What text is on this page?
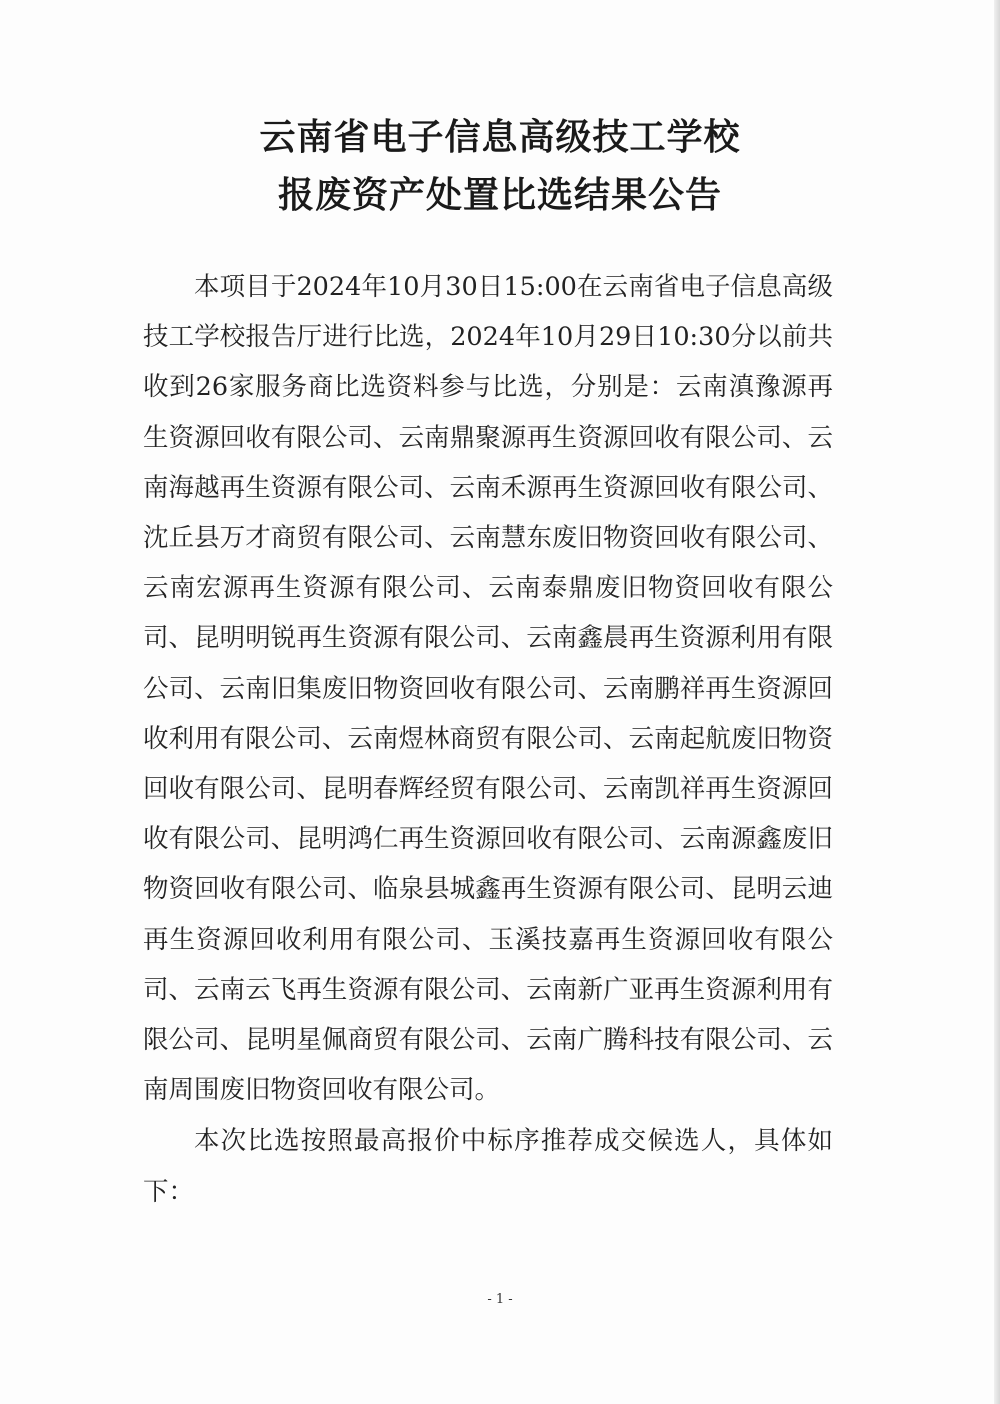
云南省电子信息高级技工学校
报废资产处置比选结果公告

本项目于2024年10月30日15:00在云南省电子信息高级技工学校报告厅进行比选，2024年10月29日10:30分以前共收到26家服务商比选资料参与比选，分别是：云南滇豫源再生资源回收有限公司、云南鼎聚源再生资源回收有限公司、云南海越再生资源有限公司、云南禾源再生资源回收有限公司、沈丘县万才商贸有限公司、云南慧东废旧物资回收有限公司、云南宏源再生资源有限公司、云南泰鼎废旧物资回收有限公司、昆明明锐再生资源有限公司、云南鑫晨再生资源利用有限公司、云南旧集废旧物资回收有限公司、云南鹏祥再生资源回收利用有限公司、云南煜林商贸有限公司、云南起航废旧物资回收有限公司、昆明春辉经贸有限公司、云南凯祥再生资源回收有限公司、昆明鸿仁再生资源回收有限公司、云南源鑫废旧物资回收有限公司、临泉县城鑫再生资源有限公司、昆明云迪再生资源回收利用有限公司、玉溪技嘉再生资源回收有限公司、云南云飞再生资源有限公司、云南新广亚再生资源利用有限公司、昆明星佩商贸有限公司、云南广腾科技有限公司、云南周围废旧物资回收有限公司。

本次比选按照最高报价中标序推荐成交候选人，具体如下：

- 1 -
